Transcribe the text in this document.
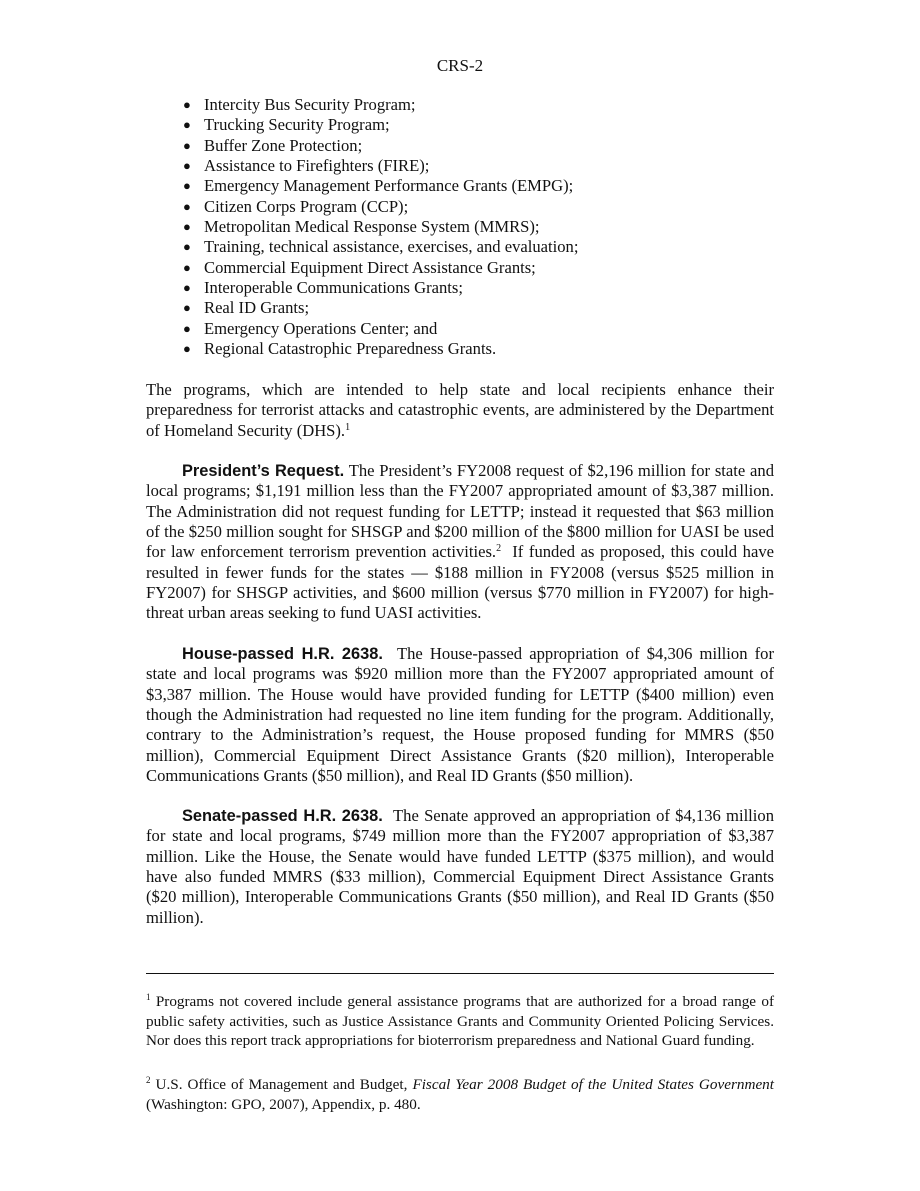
CRS-2
● Intercity Bus Security Program;
● Trucking Security Program;
● Buffer Zone Protection;
● Assistance to Firefighters (FIRE);
● Emergency Management Performance Grants (EMPG);
● Citizen Corps Program (CCP);
● Metropolitan Medical Response System (MMRS);
● Training, technical assistance, exercises, and evaluation;
● Commercial Equipment Direct Assistance Grants;
● Interoperable Communications Grants;
● Real ID Grants;
● Emergency Operations Center; and
● Regional Catastrophic Preparedness Grants.

The programs, which are intended to help state and local recipients enhance their preparedness for terrorist attacks and catastrophic events, are administered by the Department of Homeland Security (DHS).$^1$

President’s Request. The President’s FY2008 request of $2,196 million for state and local programs; $1,191 million less than the FY2007 appropriated amount of $3,387 million. The Administration did not request funding for LETTP; instead it requested that $63 million of the $250 million sought for SHSGP and $200 million of the $800 million for UASI be used for law enforcement terrorism prevention activities.$^2$ If funded as proposed, this could have resulted in fewer funds for the states — $188 million in FY2008 (versus $525 million in FY2007) for SHSGP activities, and $600 million (versus $770 million in FY2007) for high-threat urban areas seeking to fund UASI activities.

House-passed H.R. 2638. The House-passed appropriation of $4,306 million for state and local programs was $920 million more than the FY2007 appropriated amount of $3,387 million. The House would have provided funding for LETTP ($400 million) even though the Administration had requested no line item funding for the program. Additionally, contrary to the Administration’s request, the House proposed funding for MMRS ($50 million), Commercial Equipment Direct Assistance Grants ($20 million), Interoperable Communications Grants ($50 million), and Real ID Grants ($50 million).

Senate-passed H.R. 2638. The Senate approved an appropriation of $4,136 million for state and local programs, $749 million more than the FY2007 appropriation of $3,387 million. Like the House, the Senate would have funded LETTP ($375 million), and would have also funded MMRS ($33 million), Commercial Equipment Direct Assistance Grants ($20 million), Interoperable Communications Grants ($50 million), and Real ID Grants ($50 million).

$^1$ Programs not covered include general assistance programs that are authorized for a broad range of public safety activities, such as Justice Assistance Grants and Community Oriented Policing Services. Nor does this report track appropriations for bioterrorism preparedness and National Guard funding.

$^2$ U.S. Office of Management and Budget, Fiscal Year 2008 Budget of the United States Government (Washington: GPO, 2007), Appendix, p. 480.
